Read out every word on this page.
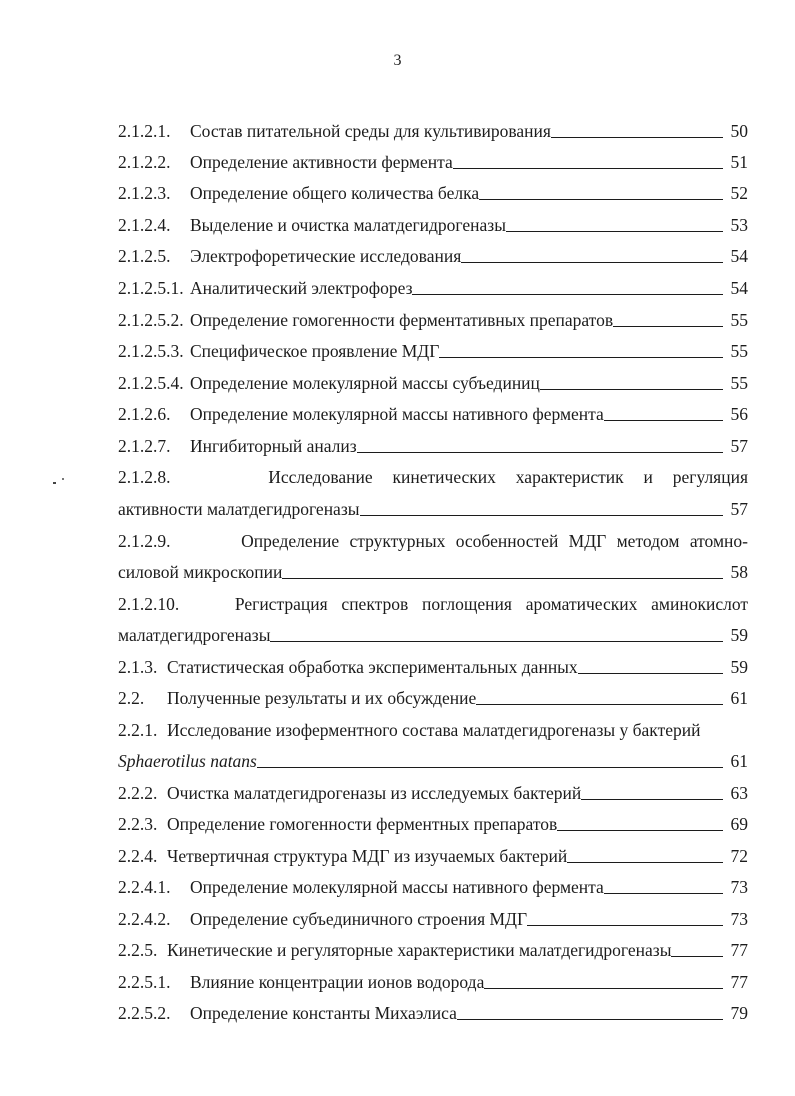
3
2.1.2.1.	Состав питательной среды для культивирования	50
2.1.2.2.	Определение активности фермента	51
2.1.2.3.	Определение общего количества белка	52
2.1.2.4.	Выделение и очистка малатдегидрогеназы	53
2.1.2.5.	Электрофоретические исследования	54
2.1.2.5.1. Аналитический электрофорез	54
2.1.2.5.2. Определение гомогенности ферментативных препаратов	55
2.1.2.5.3. Специфическое проявление МДГ	55
2.1.2.5.4. Определение молекулярной массы субъединиц	55
2.1.2.6.	Определение молекулярной массы нативного фермента	56
2.1.2.7.	Ингибиторный анализ	57
2.1.2.8.	Исследование кинетических характеристик и регуляция
активности малатдегидрогеназы	57
2.1.2.9.	Определение структурных особенностей МДГ методом атомно-
силовой микроскопии	58
2.1.2.10.	Регистрация спектров поглощения ароматических аминокислот
малатдегидрогеназы	59
2.1.3. Статистическая обработка экспериментальных данных	59
2.2.	Полученные результаты и их обсуждение	61
2.2.1. Исследование изоферментного состава малатдегидрогеназы у бактерий
Sphaerotilus natans	61
2.2.2. Очистка малатдегидрогеназы из исследуемых бактерий	63
2.2.3. Определение гомогенности ферментных препаратов	69
2.2.4. Четвертичная структура МДГ из изучаемых бактерий	72
2.2.4.1.	Определение молекулярной массы нативного фермента	73
2.2.4.2.	Определение субъединичного строения МДГ	73
2.2.5. Кинетические и регуляторные характеристики малатдегидрогеназы	77
2.2.5.1.	Влияние концентрации ионов водорода	77
2.2.5.2.	Определение константы Михаэлиса	79
